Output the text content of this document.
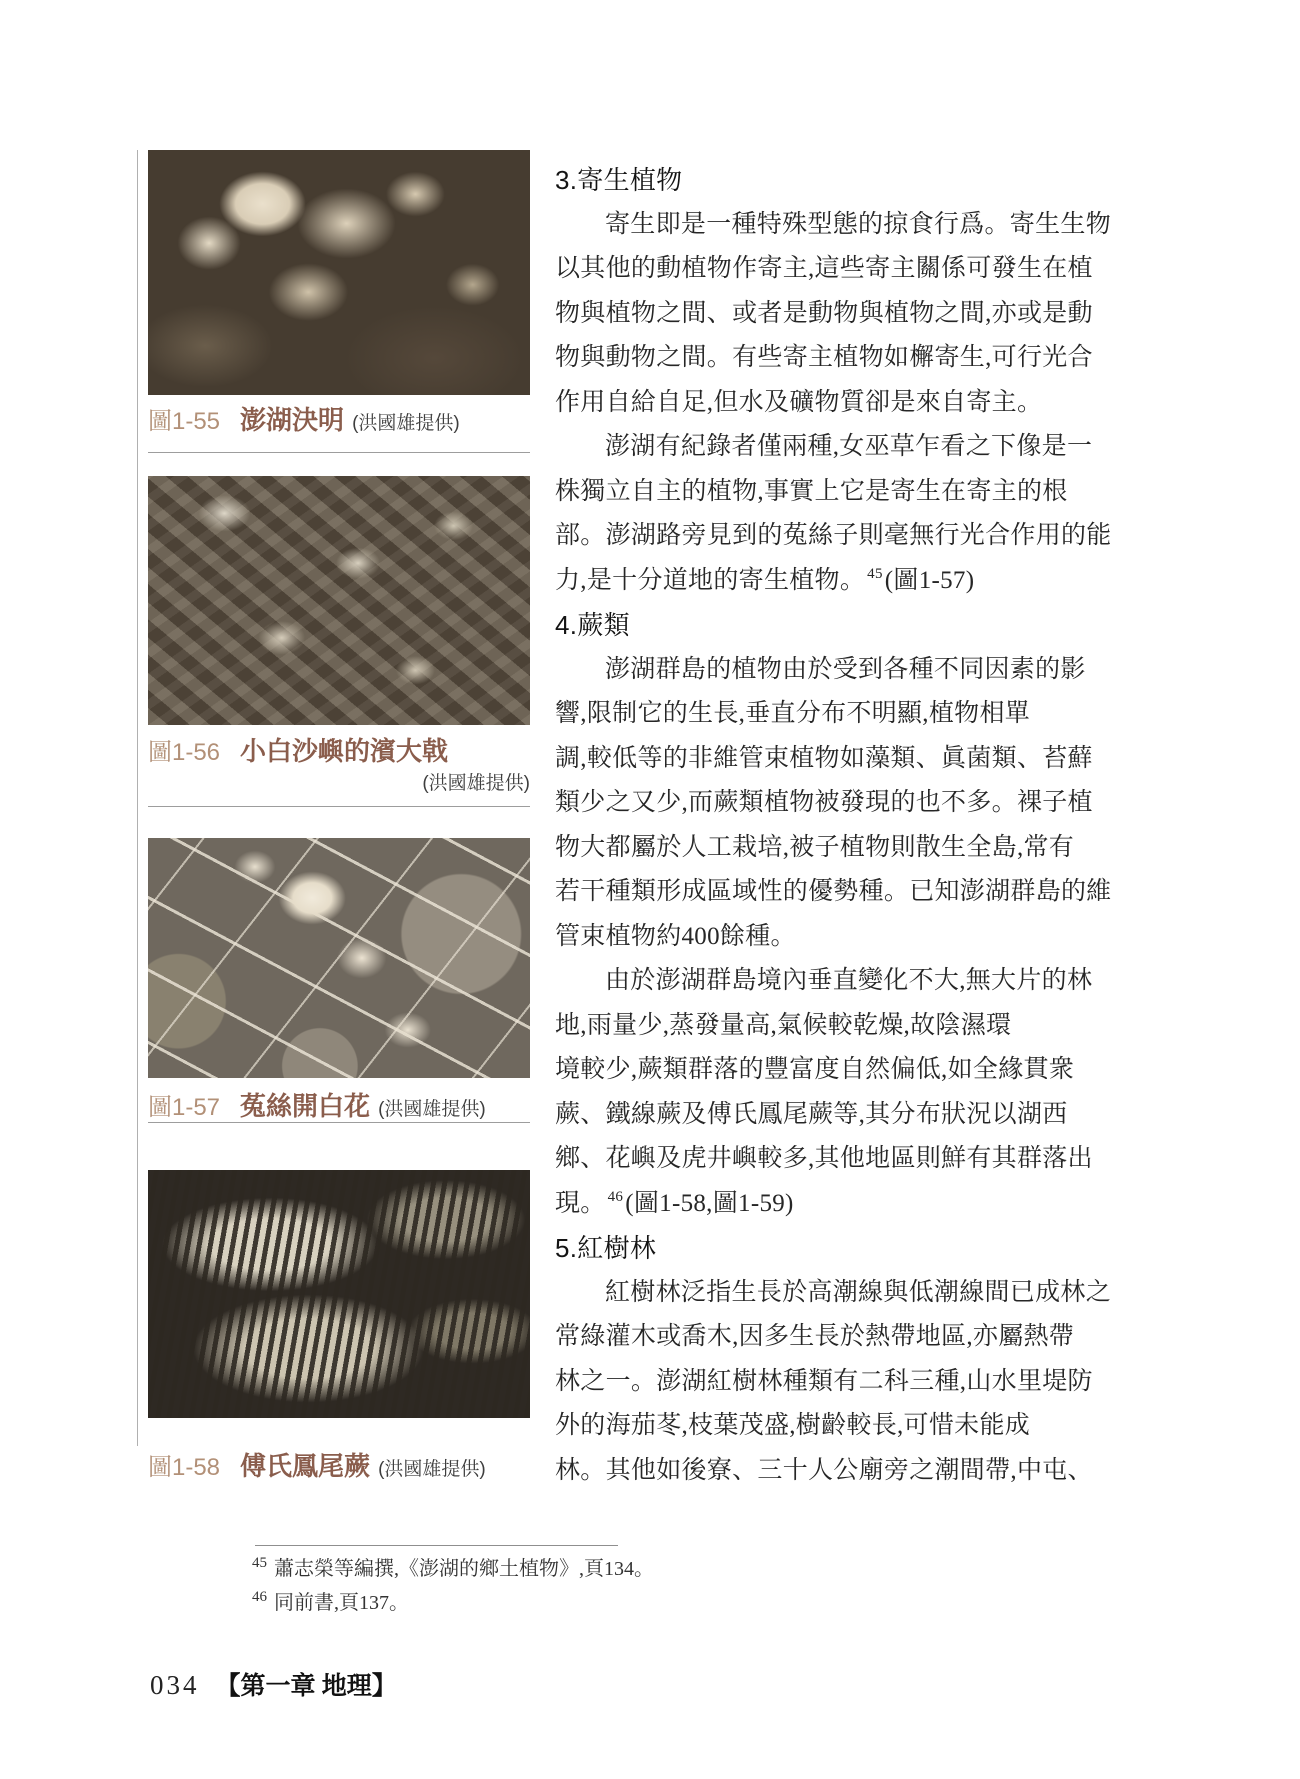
圖1-55 澎湖決明 (洪國雄提供)
圖1-56 小白沙嶼的濱大戟
(洪國雄提供)
圖1-57 菟絲開白花 (洪國雄提供)
圖1-58 傅氏鳳尾蕨 (洪國雄提供)
3.寄生植物
寄生即是一種特殊型態的掠食行爲。寄生生物
以其他的動植物作寄主,這些寄主關係可發生在植
物與植物之間、或者是動物與植物之間,亦或是動
物與動物之間。有些寄主植物如檞寄生,可行光合
作用自給自足,但水及礦物質卻是來自寄主。
澎湖有紀錄者僅兩種,女巫草乍看之下像是一
株獨立自主的植物,事實上它是寄生在寄主的根
部。澎湖路旁見到的菟絲子則毫無行光合作用的能
力,是十分道地的寄生植物。 $^{45}$(圖1-57)
4.蕨類
澎湖群島的植物由於受到各種不同因素的影
響,限制它的生長,垂直分布不明顯,植物相單
調,較低等的非維管束植物如藻類、眞菌類、苔蘚
類少之又少,而蕨類植物被發現的也不多。裸子植
物大都屬於人工栽培,被子植物則散生全島,常有
若干種類形成區域性的優勢種。已知澎湖群島的維
管束植物約400餘種。
由於澎湖群島境內垂直變化不大,無大片的林
地,雨量少,蒸發量高,氣候較乾燥,故陰濕環
境較少,蕨類群落的豐富度自然偏低,如全緣貫衆
蕨、鐵線蕨及傅氏鳳尾蕨等,其分布狀況以湖西
鄉、花嶼及虎井嶼較多,其他地區則鮮有其群落出
現。 $^{46}$(圖1-58,圖1-59)
5.紅樹林
紅樹林泛指生長於高潮線與低潮線間已成林之
常綠灌木或喬木,因多生長於熱帶地區,亦屬熱帶
林之一。澎湖紅樹林種類有二科三種,山水里堤防
外的海茄苳,枝葉茂盛,樹齡較長,可惜未能成
林。其他如後寮、三十人公廟旁之潮間帶,中屯、
$^{45}$ 蕭志榮等編撰,《澎湖的鄉土植物》,頁134。
$^{46}$ 同前書,頁137。
034 【第一章 地理】
